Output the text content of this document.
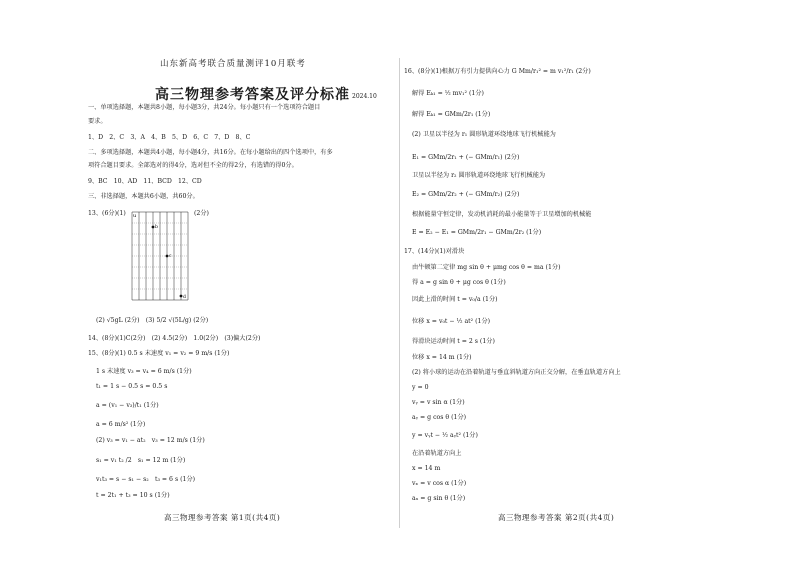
山东新高考联合质量测评10月联考
高三物理参考答案及评分标准 2024.10
一、单项选择题，本题共8小题，每小题3分，共24分。每小题只有一个选项符合题目
要求。
1、D　2、C　3、A　4、B　5、D　6、C　7、D　8、C
二、多项选择题，本题共4小题，每小题4分，共16分。在每小题给出的四个选项中，有多
项符合题目要求。全部选对的得4分，选对但不全的得2分，有选错的得0分。
9、BC　10、AD　11、BCD　12、CD
三、非选择题，本题共6小题，共60分。
13、(6分)(1)	(2分)
u
b
c
d
(2) √5gL (2分)　(3) 5/2 √(5L/g) (2分)
14、(8分)(1)C(2分)　(2) 4.5(2分)　1.0(2分)　(3)偏大(2分)
15、(8分)(1) 0.5 s 末速度 v₁ = v₂ = 9 m/s (1分)
1 s 末速度 v₃ = v₄ = 6 m/s (1分)
t₁ = 1 s − 0.5 s = 0.5 s
a = (v₁ − v₃)/t₁ (1分)
a = 6 m/s² (1分)
(2) v₃ = v₁ − at₂　v₃ = 12 m/s (1分)
s₁ = v₁ t₂ /2　s₁ = 12 m (1分)
v₁t₃ = s − s₁ − s₂　t₃ = 6 s (1分)
t = 2t₁ + t₃ = 10 s (1分)
高三物理参考答案 第1页(共4页)
16、(8分)(1)根据万有引力提供向心力 G Mm/r₁² = m v₁²/r₁ (2分)
解得 Eₖ₁ = ½ mv₁² (1分)
解得 Eₖ₁ = GMm/2r₁ (1分)
(2) 卫星以半径为 r₁ 圆形轨道环绕地球飞行机械能为
E₁ = GMm/2r₁ + (− GMm/r₁) (2分)
卫星以半径为 r₂ 圆形轨道环绕地球飞行机械能为
E₂ = GMm/2r₂ + (− GMm/r₂) (2分)
根据能量守恒定律，发动机消耗的最小能量等于卫星增加的机械能
E = E₂ − E₁ = GMm/2r₁ − GMm/2r₂ (1分)
17、(14分)(1)对滑块
由牛顿第二定律 mg sin θ + μmg cos θ = ma (1分)
得 a = g sin θ + μg cos θ (1分)
因此上滑的时间 t = v₀/a (1分)
位移 x = v₀t − ½ at² (1分)
得滑块运动时间 t = 2 s (1分)
位移 x = 14 m (1分)
(2) 将小球的运动在沿着轨道与垂直斜轨道方向正交分解，在垂直轨道方向上
y = 0
vᵧ = v sin α (1分)
aᵧ = g cos θ (1分)
y = vᵧt − ½ aᵧt² (1分)
在沿着轨道方向上
x = 14 m
vₓ = v cos α (1分)
aₓ = g sin θ (1分)
高三物理参考答案 第2页(共4页)
